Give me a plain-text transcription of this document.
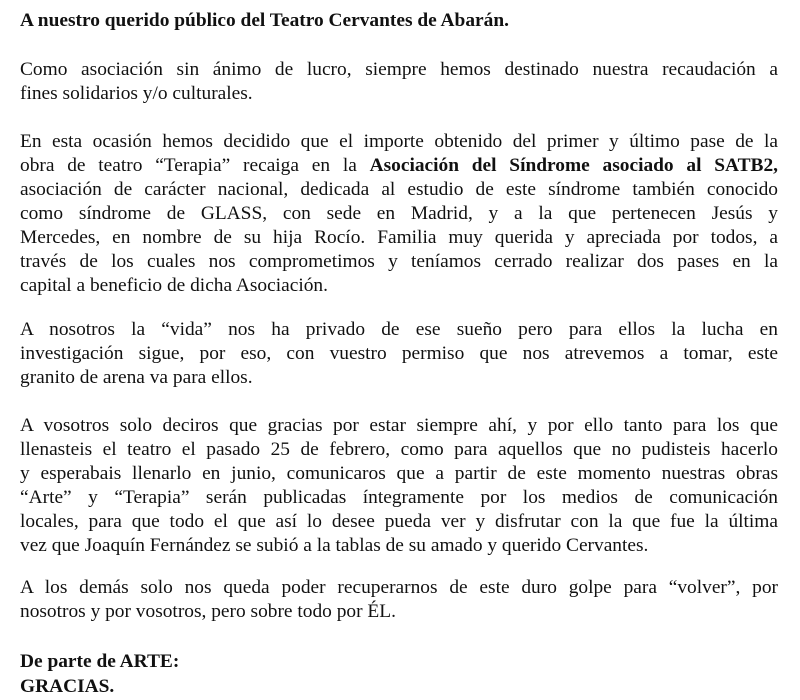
A nuestro querido público del Teatro Cervantes de Abarán.

Como asociación sin ánimo de lucro, siempre hemos destinado nuestra recaudación a
fines solidarios y/o culturales.

En esta ocasión hemos decidido que el importe obtenido del primer y último pase de la
obra de teatro “Terapia” recaiga en la Asociación del Síndrome asociado al SATB2,
asociación de carácter nacional, dedicada al estudio de este síndrome también conocido
como síndrome de GLASS, con sede en Madrid, y a la que pertenecen Jesús y
Mercedes, en nombre de su hija Rocío. Familia muy querida y apreciada por todos, a
través de los cuales nos comprometimos y teníamos cerrado realizar dos pases en la
capital a beneficio de dicha Asociación.

A nosotros la “vida” nos ha privado de ese sueño pero para ellos la lucha en
investigación sigue, por eso, con vuestro permiso que nos atrevemos a tomar, este
granito de arena va para ellos.

A vosotros solo deciros que gracias por estar siempre ahí, y por ello tanto para los que
llenasteis el teatro el pasado 25 de febrero, como para aquellos que no pudisteis hacerlo
y esperabais llenarlo en junio, comunicaros que a partir de este momento nuestras obras
“Arte” y “Terapia” serán publicadas íntegramente por los medios de comunicación
locales, para que todo el que así lo desee pueda ver y disfrutar con la que fue la última
vez que Joaquín Fernández se subió a la tablas de su amado y querido Cervantes.

A los demás solo nos queda poder recuperarnos de este duro golpe para “volver”, por
nosotros y por vosotros, pero sobre todo por ÉL.

De parte de ARTE:
GRACIAS.
